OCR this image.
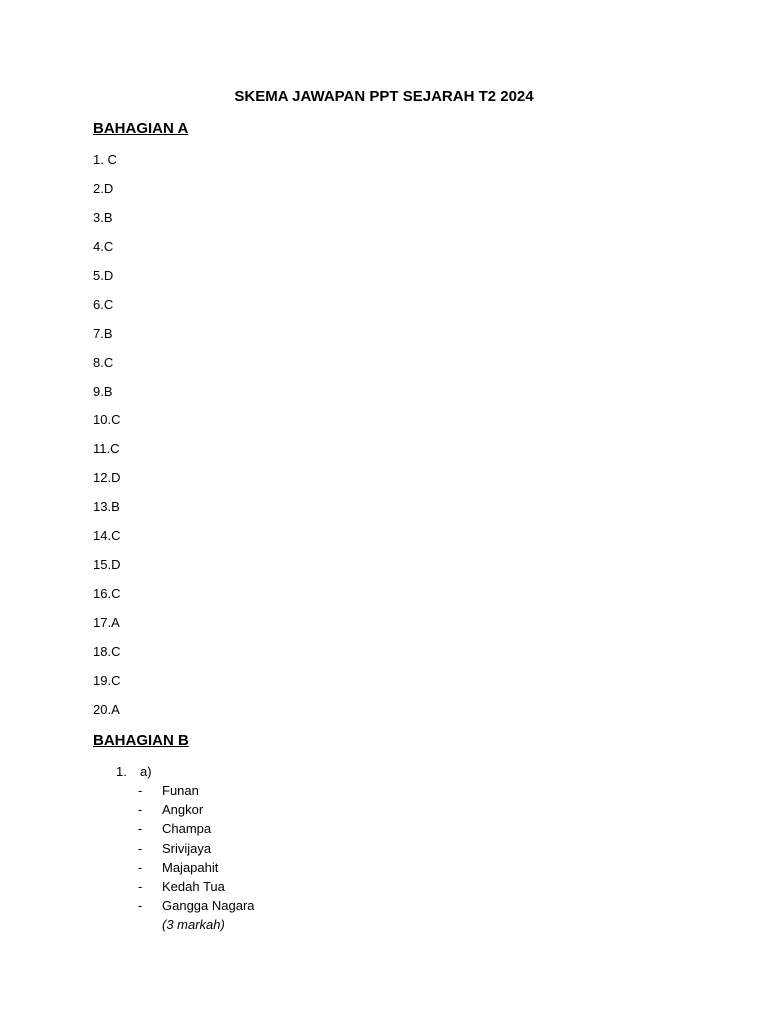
SKEMA JAWAPAN PPT SEJARAH T2 2024
BAHAGIAN A
1. C
2.D
3.B
4.C
5.D
6.C
7.B
8.C
9.B
10.C
11.C
12.D
13.B
14.C
15.D
16.C
17.A
18.C
19.C
20.A
BAHAGIAN B
1. a)
- Funan
- Angkor
- Champa
- Srivijaya
- Majapahit
- Kedah Tua
- Gangga Nagara
(3 markah)
